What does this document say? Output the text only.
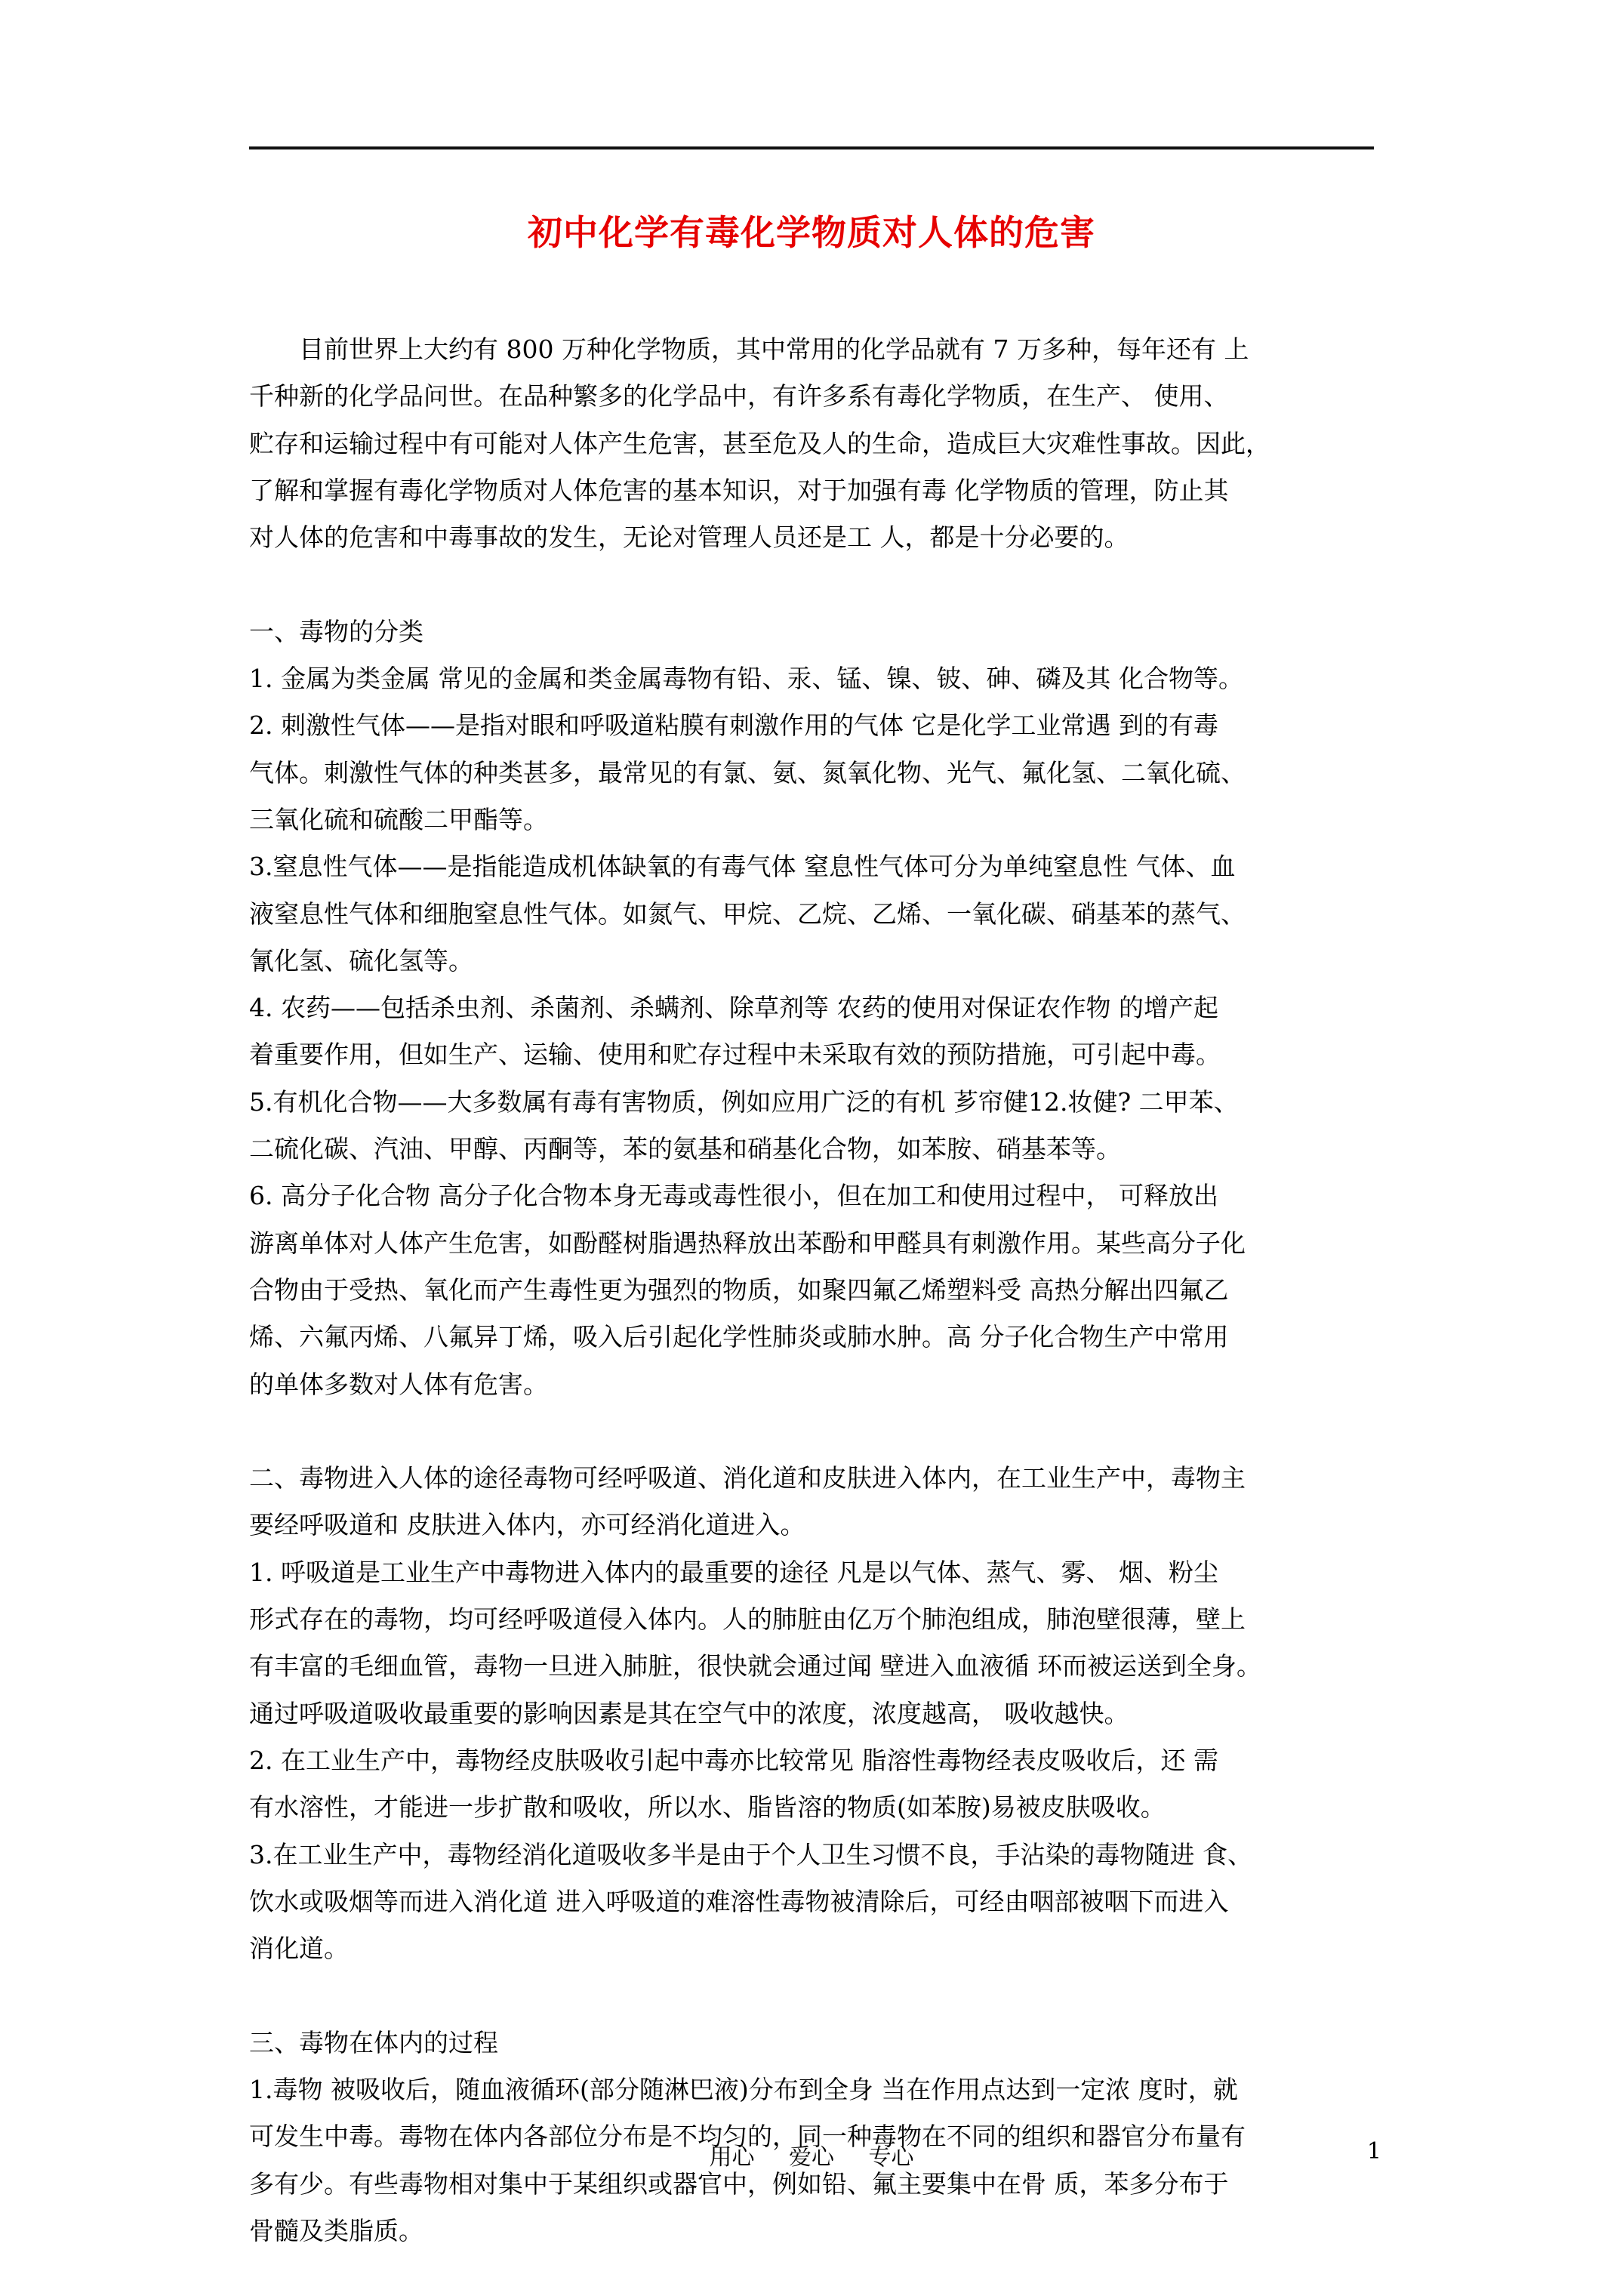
初中化学有毒化学物质对人体的危害
目前世界上大约有 800 万种化学物质，其中常用的化学品就有 7 万多种，每年还有 上
千种新的化学品问世。在品种繁多的化学品中，有许多系有毒化学物质，在生产、 使用、
贮存和运输过程中有可能对人体产生危害，甚至危及人的生命，造成巨大灾难性事故。因此，
了解和掌握有毒化学物质对人体危害的基本知识，对于加强有毒 化学物质的管理，防止其
对人体的危害和中毒事故的发生，无论对管理人员还是工 人，都是十分必要的。
一、毒物的分类
1. 金属为类金属 常见的金属和类金属毒物有铅、汞、锰、镍、铍、砷、磷及其 化合物等。
2. 刺激性气体——是指对眼和呼吸道粘膜有刺激作用的气体 它是化学工业常遇 到的有毒
气体。刺激性气体的种类甚多，最常见的有氯、氨、氮氧化物、光气、氟化氢、二氧化硫、
三氧化硫和硫酸二甲酯等。
3.窒息性气体——是指能造成机体缺氧的有毒气体 窒息性气体可分为单纯窒息性 气体、血
液窒息性气体和细胞窒息性气体。如氮气、甲烷、乙烷、乙烯、一氧化碳、硝基苯的蒸气、
氰化氢、硫化氢等。
4. 农药——包括杀虫剂、杀菌剂、杀螨剂、除草剂等 农药的使用对保证农作物 的增产起
着重要作用，但如生产、运输、使用和贮存过程中未采取有效的预防措施，可引起中毒。
5.有机化合物——大多数属有毒有害物质，例如应用广泛的有机 芗帘健12.妆健? 二甲苯、
二硫化碳、汽油、甲醇、丙酮等，苯的氨基和硝基化合物，如苯胺、硝基苯等。
6. 高分子化合物 高分子化合物本身无毒或毒性很小，但在加工和使用过程中， 可释放出
游离单体对人体产生危害，如酚醛树脂遇热释放出苯酚和甲醛具有刺激作用。某些高分子化
合物由于受热、氧化而产生毒性更为强烈的物质，如聚四氟乙烯塑料受 高热分解出四氟乙
烯、六氟丙烯、八氟异丁烯，吸入后引起化学性肺炎或肺水肿。高 分子化合物生产中常用
的单体多数对人体有危害。
二、毒物进入人体的途径毒物可经呼吸道、消化道和皮肤进入体内，在工业生产中，毒物主
要经呼吸道和 皮肤进入体内，亦可经消化道进入。
1. 呼吸道是工业生产中毒物进入体内的最重要的途径 凡是以气体、蒸气、雾、 烟、粉尘
形式存在的毒物，均可经呼吸道侵入体内。人的肺脏由亿万个肺泡组成，肺泡壁很薄，壁上
有丰富的毛细血管，毒物一旦进入肺脏，很快就会通过闻 壁进入血液循 环而被运送到全身。
通过呼吸道吸收最重要的影响因素是其在空气中的浓度，浓度越高， 吸收越快。
2. 在工业生产中，毒物经皮肤吸收引起中毒亦比较常见 脂溶性毒物经表皮吸收后，还 需
有水溶性，才能进一步扩散和吸收，所以水、脂皆溶的物质(如苯胺)易被皮肤吸收。
3.在工业生产中，毒物经消化道吸收多半是由于个人卫生习惯不良，手沾染的毒物随进 食、
饮水或吸烟等而进入消化道 进入呼吸道的难溶性毒物被清除后，可经由咽部被咽下而进入
消化道。
三、毒物在体内的过程
1.毒物 被吸收后，随血液循环(部分随淋巴液)分布到全身 当在作用点达到一定浓 度时，就
可发生中毒。毒物在体内各部位分布是不均匀的，同一种毒物在不同的组织和器官分布量有
多有少。有些毒物相对集中于某组织或器官中，例如铅、氟主要集中在骨 质，苯多分布于
骨髓及类脂质。
用心 爱心 专心	1
